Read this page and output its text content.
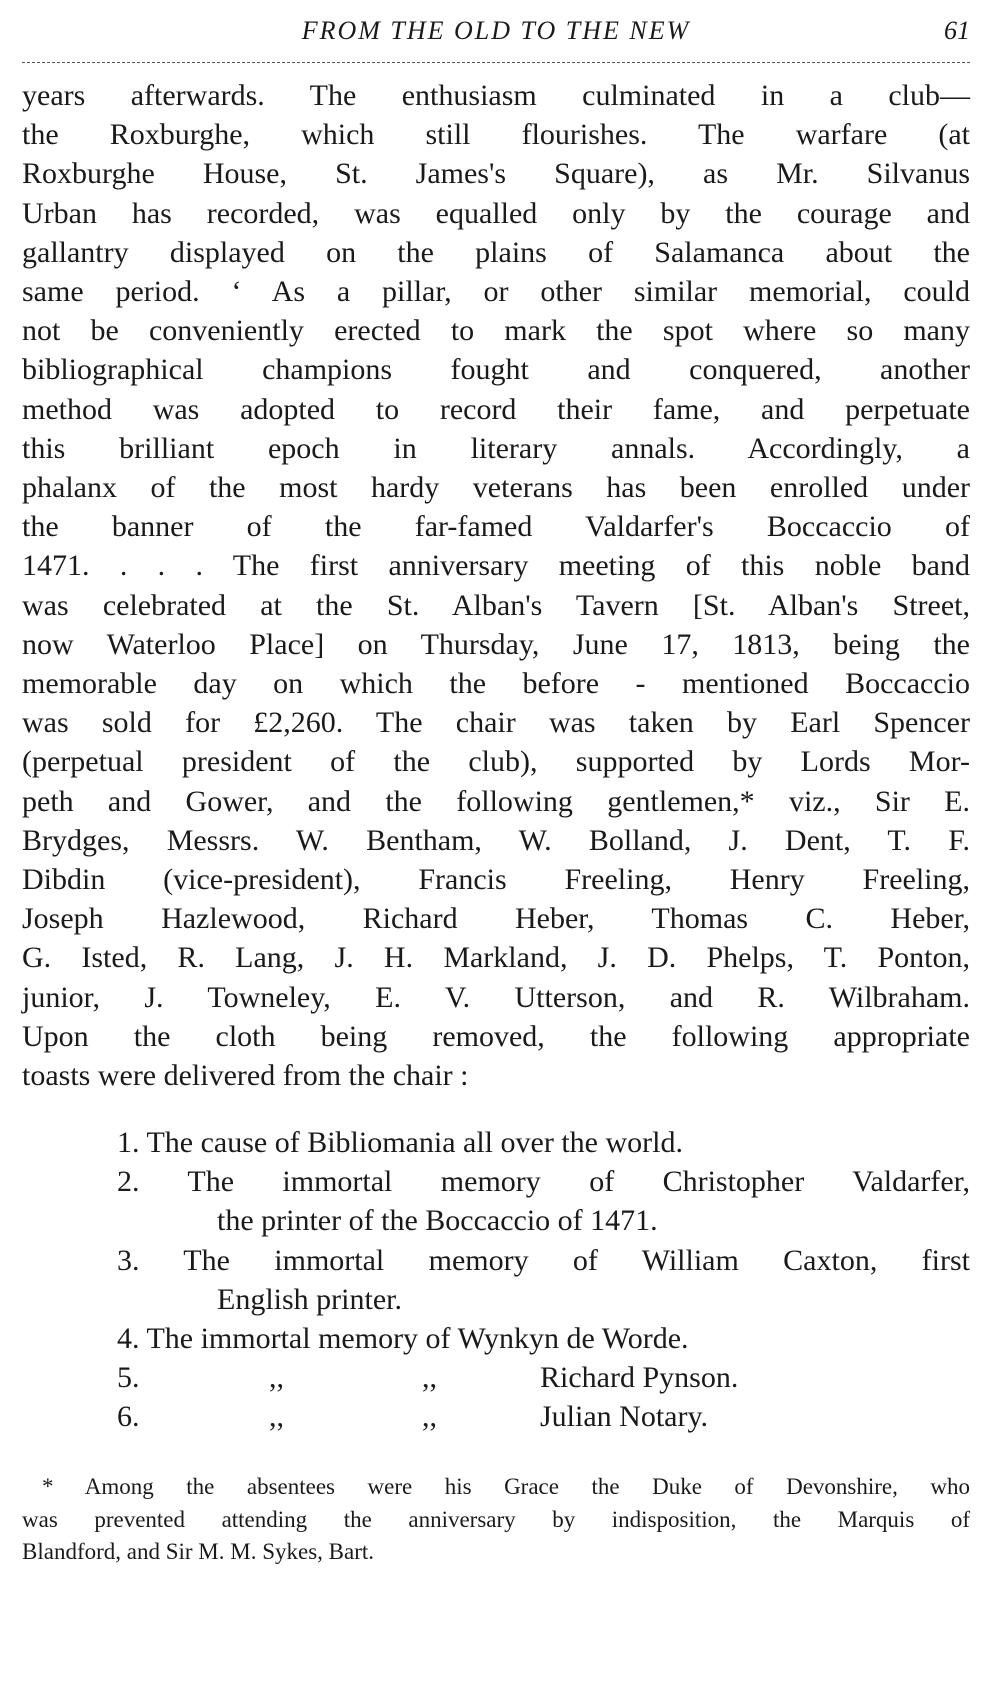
FROM THE OLD TO THE NEW	61
years afterwards. The enthusiasm culminated in a club—
the Roxburghe, which still flourishes. The warfare (at
Roxburghe House, St. James's Square), as Mr. Silvanus
Urban has recorded, was equalled only by the courage and
gallantry displayed on the plains of Salamanca about the
same period. ‘ As a pillar, or other similar memorial, could
not be conveniently erected to mark the spot where so many
bibliographical champions fought and conquered, another
method was adopted to record their fame, and perpetuate
this brilliant epoch in literary annals. Accordingly, a
phalanx of the most hardy veterans has been enrolled under
the banner of the far-famed Valdarfer's Boccaccio of
1471. . . . The first anniversary meeting of this noble band
was celebrated at the St. Alban's Tavern [St. Alban's Street,
now Waterloo Place] on Thursday, June 17, 1813, being the
memorable day on which the before - mentioned Boccaccio
was sold for £2,260. The chair was taken by Earl Spencer
(perpetual president of the club), supported by Lords Mor-
peth and Gower, and the following gentlemen,* viz., Sir E.
Brydges, Messrs. W. Bentham, W. Bolland, J. Dent, T. F.
Dibdin (vice-president), Francis Freeling, Henry Freeling,
Joseph Hazlewood, Richard Heber, Thomas C. Heber,
G. Isted, R. Lang, J. H. Markland, J. D. Phelps, T. Ponton,
junior, J. Towneley, E. V. Utterson, and R. Wilbraham.
Upon the cloth being removed, the following appropriate
toasts were delivered from the chair :
1. The cause of Bibliomania all over the world.
2. The immortal memory of Christopher Valdarfer,
the printer of the Boccaccio of 1471.
3. The immortal memory of William Caxton, first
English printer.
4. The immortal memory of Wynkyn de Worde.
5.	,,	,,	Richard Pynson.
6.	,,	,,	Julian Notary.
* Among the absentees were his Grace the Duke of Devonshire, who
was prevented attending the anniversary by indisposition, the Marquis of
Blandford, and Sir M. M. Sykes, Bart.
